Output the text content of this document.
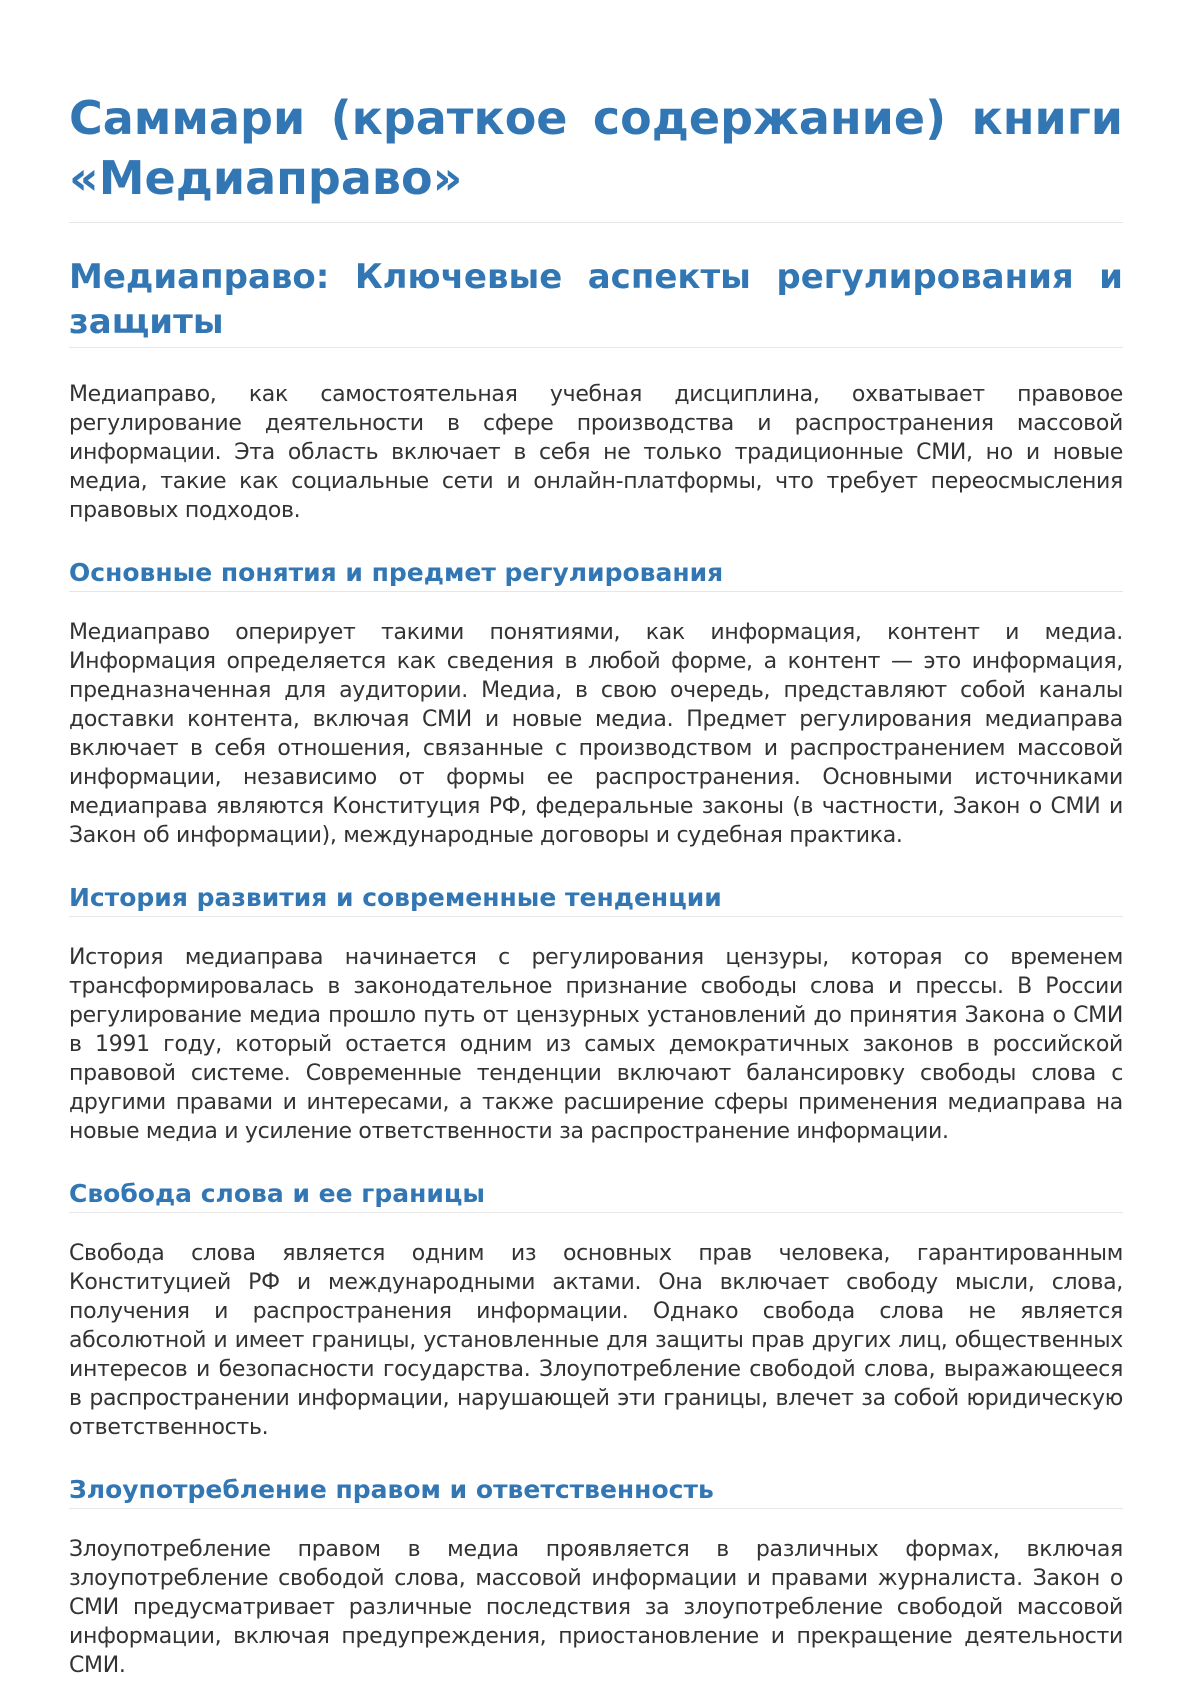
Саммари (краткое содержание) книги «Медиаправо»
Медиаправо: Ключевые аспекты регулирования и защиты

Медиаправо, как самостоятельная учебная дисциплина, охватывает правовое регулирование деятельности в сфере производства и распространения массовой информации. Эта область включает в себя не только традиционные СМИ, но и новые медиа, такие как социальные сети и онлайн-платформы, что требует переосмысления правовых подходов.

Основные понятия и предмет регулирования

Медиаправо оперирует такими понятиями, как информация, контент и медиа. Информация определяется как сведения в любой форме, а контент — это информация, предназначенная для аудитории. Медиа, в свою очередь, представляют собой каналы доставки контента, включая СМИ и новые медиа. Предмет регулирования медиаправа включает в себя отношения, связанные с производством и распространением массовой информации, независимо от формы ее распространения. Основными источниками медиаправа являются Конституция РФ, федеральные законы (в частности, Закон о СМИ и Закон об информации), международные договоры и судебная практика.

История развития и современные тенденции

История медиаправа начинается с регулирования цензуры, которая со временем трансформировалась в законодательное признание свободы слова и прессы. В России регулирование медиа прошло путь от цензурных установлений до принятия Закона о СМИ в 1991 году, который остается одним из самых демократичных законов в российской правовой системе. Современные тенденции включают балансировку свободы слова с другими правами и интересами, а также расширение сферы применения медиаправа на новые медиа и усиление ответственности за распространение информации.

Свобода слова и ее границы

Свобода слова является одним из основных прав человека, гарантированным Конституцией РФ и международными актами. Она включает свободу мысли, слова, получения и распространения информации. Однако свобода слова не является абсолютной и имеет границы, установленные для защиты прав других лиц, общественных интересов и безопасности государства. Злоупотребление свободой слова, выражающееся в распространении информации, нарушающей эти границы, влечет за собой юридическую ответственность.

Злоупотребление правом и ответственность

Злоупотребление правом в медиа проявляется в различных формах, включая злоупотребление свободой слова, массовой информации и правами журналиста. Закон о СМИ предусматривает различные последствия за злоупотребление свободой массовой информации, включая предупреждения, приостановление и прекращение деятельности СМИ.
